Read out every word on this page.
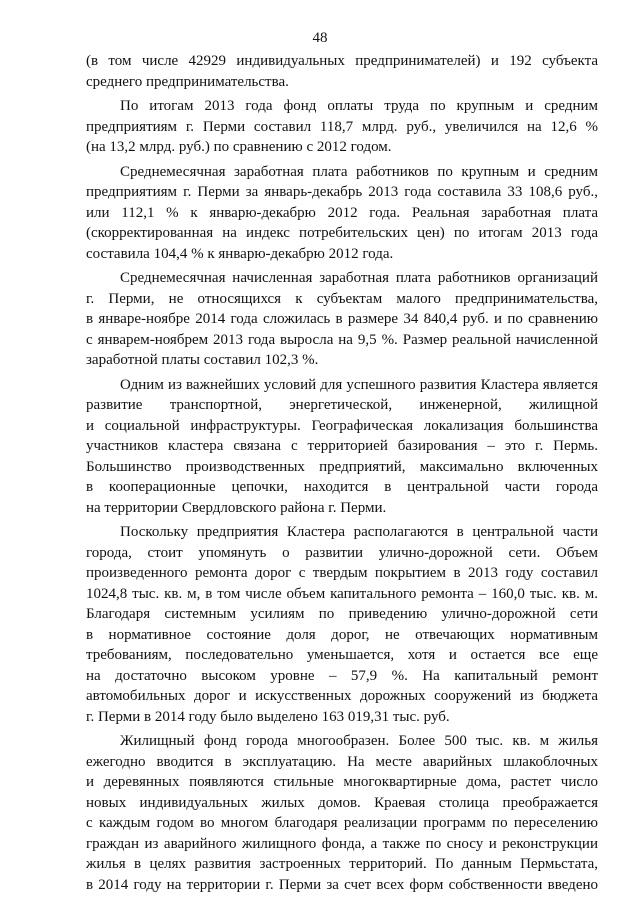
48
(в том числе 42929 индивидуальных предпринимателей) и 192 субъекта
среднего предпринимательства.
По итогам 2013 года фонд оплаты труда по крупным и средним
предприятиям г. Перми составил 118,7 млрд. руб., увеличился на 12,6 %
(на 13,2 млрд. руб.) по сравнению с 2012 годом.
Среднемесячная заработная плата работников по крупным и средним
предприятиям г. Перми за январь-декабрь 2013 года составила 33 108,6 руб.,
или 112,1 % к январю-декабрю 2012 года. Реальная заработная плата
(скорректированная на индекс потребительских цен) по итогам 2013 года
составила 104,4 % к январю-декабрю 2012 года.
Среднемесячная начисленная заработная плата работников организаций
г. Перми, не относящихся к субъектам малого предпринимательства,
в январе-ноябре 2014 года сложилась в размере 34 840,4 руб. и по сравнению
с январем-ноябрем 2013 года выросла на 9,5 %. Размер реальной начисленной
заработной платы составил 102,3 %.
Одним из важнейших условий для успешного развития Кластера является
развитие транспортной, энергетической, инженерной, жилищной
и социальной инфраструктуры. Географическая локализация большинства
участников кластера связана с территорией базирования – это г. Пермь.
Большинство производственных предприятий, максимально включенных
в кооперационные цепочки, находится в центральной части города
на территории Свердловского района г. Перми.
Поскольку предприятия Кластера располагаются в центральной части
города, стоит упомянуть о развитии улично-дорожной сети. Объем
произведенного ремонта дорог с твердым покрытием в 2013 году составил
1024,8 тыс. кв. м, в том числе объем капитального ремонта – 160,0 тыс. кв. м.
Благодаря системным усилиям по приведению улично-дорожной сети
в нормативное состояние доля дорог, не отвечающих нормативным
требованиям, последовательно уменьшается, хотя и остается все еще
на достаточно высоком уровне – 57,9 %. На капитальный ремонт
автомобильных дорог и искусственных дорожных сооружений из бюджета
г. Перми в 2014 году было выделено 163 019,31 тыс. руб.
Жилищный фонд города многообразен. Более 500 тыс. кв. м жилья
ежегодно вводится в эксплуатацию. На месте аварийных шлакоблочных
и деревянных появляются стильные многоквартирные дома, растет число
новых индивидуальных жилых домов. Краевая столица преображается
с каждым годом во многом благодаря реализации программ по переселению
граждан из аварийного жилищного фонда, а также по сносу и реконструкции
жилья в целях развития застроенных территорий. По данным Пермьстата,
в 2014 году на территории г. Перми за счет всех форм собственности введено
